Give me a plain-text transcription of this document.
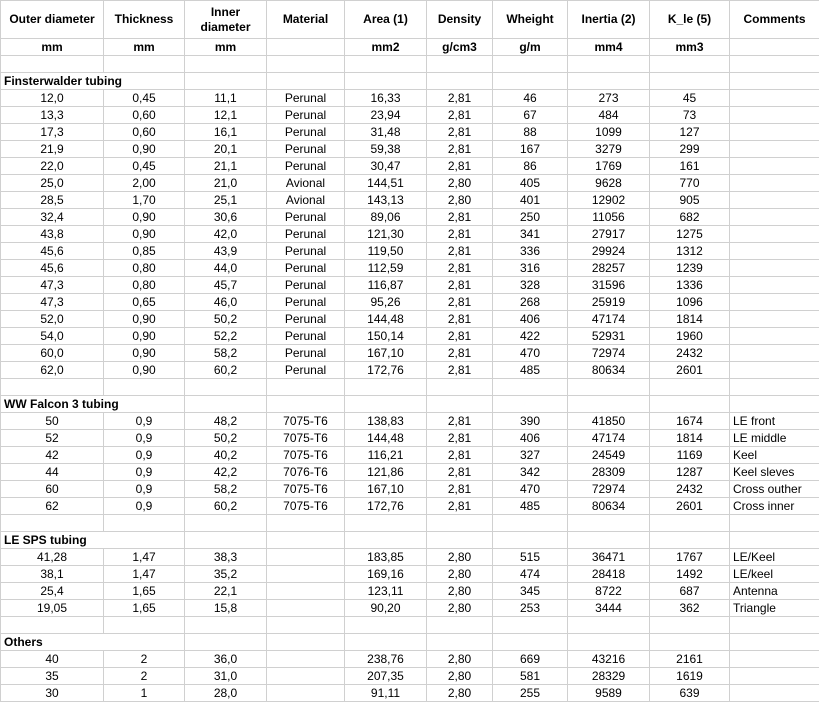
Outer diameter	Thickness	Inner diameter	Material	Area (1)	Density	Wheight	Inertia (2)	K_le (5)	Comments
mm	mm	mm		mm2	g/cm3	g/m	mm4	mm3	

Finsterwalder tubing									
12,0	0,45	11,1	Perunal	16,33	2,81	46	273	45	
13,3	0,60	12,1	Perunal	23,94	2,81	67	484	73	
17,3	0,60	16,1	Perunal	31,48	2,81	88	1099	127	
21,9	0,90	20,1	Perunal	59,38	2,81	167	3279	299	
22,0	0,45	21,1	Perunal	30,47	2,81	86	1769	161	
25,0	2,00	21,0	Avional	144,51	2,80	405	9628	770	
28,5	1,70	25,1	Avional	143,13	2,80	401	12902	905	
32,4	0,90	30,6	Perunal	89,06	2,81	250	11056	682	
43,8	0,90	42,0	Perunal	121,30	2,81	341	27917	1275	
45,6	0,85	43,9	Perunal	119,50	2,81	336	29924	1312	
45,6	0,80	44,0	Perunal	112,59	2,81	316	28257	1239	
47,3	0,80	45,7	Perunal	116,87	2,81	328	31596	1336	
47,3	0,65	46,0	Perunal	95,26	2,81	268	25919	1096	
52,0	0,90	50,2	Perunal	144,48	2,81	406	47174	1814	
54,0	0,90	52,2	Perunal	150,14	2,81	422	52931	1960	
60,0	0,90	58,2	Perunal	167,10	2,81	470	72974	2432	
62,0	0,90	60,2	Perunal	172,76	2,81	485	80634	2601	

WW Falcon 3 tubing									
50	0,9	48,2	7075-T6	138,83	2,81	390	41850	1674	LE front
52	0,9	50,2	7075-T6	144,48	2,81	406	47174	1814	LE middle
42	0,9	40,2	7075-T6	116,21	2,81	327	24549	1169	Keel
44	0,9	42,2	7076-T6	121,86	2,81	342	28309	1287	Keel sleves
60	0,9	58,2	7075-T6	167,10	2,81	470	72974	2432	Cross outher
62	0,9	60,2	7075-T6	172,76	2,81	485	80634	2601	Cross inner

LE SPS tubing									
41,28	1,47	38,3		183,85	2,80	515	36471	1767	LE/Keel
38,1	1,47	35,2		169,16	2,80	474	28418	1492	LE/keel
25,4	1,65	22,1		123,11	2,80	345	8722	687	Antenna
19,05	1,65	15,8		90,20	2,80	253	3444	362	Triangle

Others									
40	2	36,0		238,76	2,80	669	43216	2161	
35	2	31,0		207,35	2,80	581	28329	1619	
30	1	28,0		91,11	2,80	255	9589	639	
